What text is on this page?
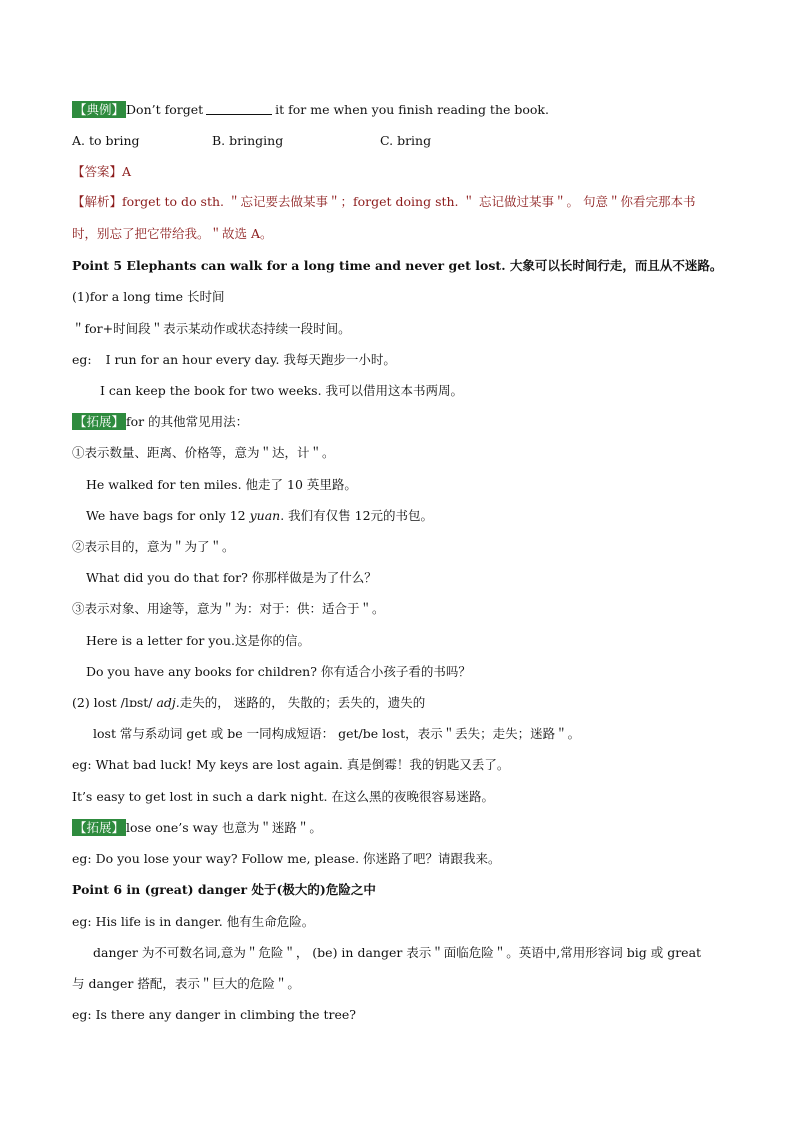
【典例】 Don’t forget	it for me when you finish reading the book.
A. to bring	B. bringing	C. bring
【答案】A
【解析】forget to do sth. ＂忘记要去做某事＂；forget doing sth. ＂ 忘记做过某事＂。 句意＂你看完那本书
时，别忘了把它带给我。＂故选 A。
Point 5 Elephants can walk for a long time and never get lost. 大象可以长时间行走，而且从不迷路。
(1)for a long time 长时间
＂for+时间段＂表示某动作或状态持续一段时间。
eg: I run for an hour every day. 我每天跑步一小时。
I can keep the book for two weeks. 我可以借用这本书两周。
【拓展】 for 的其他常见用法：
①表示数量、距离、价格等，意为＂达，计＂。
He walked for ten miles. 他走了 10 英里路。
We have bags for only 12 yuan. 我们有仅售 12元的书包。
②表示目的，意为＂为了＂。
What did you do that for? 你那样做是为了什么？
③表示对象、用途等，意为＂为：对于：供：适合于＂。
Here is a letter for you.这是你的信。
Do you have any books for children? 你有适合小孩子看的书吗？
(2) lost /lɒst/ adj.走失的， 迷路的， 失散的；丢失的，遗失的
lost 常与系动词 get 或 be 一同构成短语： get/be lost，表示＂丢失；走失；迷路＂。
eg: What bad luck! My keys are lost again. 真是倒霉！我的钥匙又丢了。
It’s easy to get lost in such a dark night. 在这么黑的夜晚很容易迷路。
【拓展】 lose one’s way 也意为＂迷路＂。
eg: Do you lose your way? Follow me, please. 你迷路了吧？请跟我来。
Point 6 in (great) danger 处于(极大的)危险之中
eg: His life is in danger. 他有生命危险。
danger 为不可数名词,意为＂危险＂， (be) in danger 表示＂面临危险＂。英语中,常用形容词 big 或 great
与 danger 搭配，表示＂巨大的危险＂。
eg: Is there any danger in climbing the tree?
